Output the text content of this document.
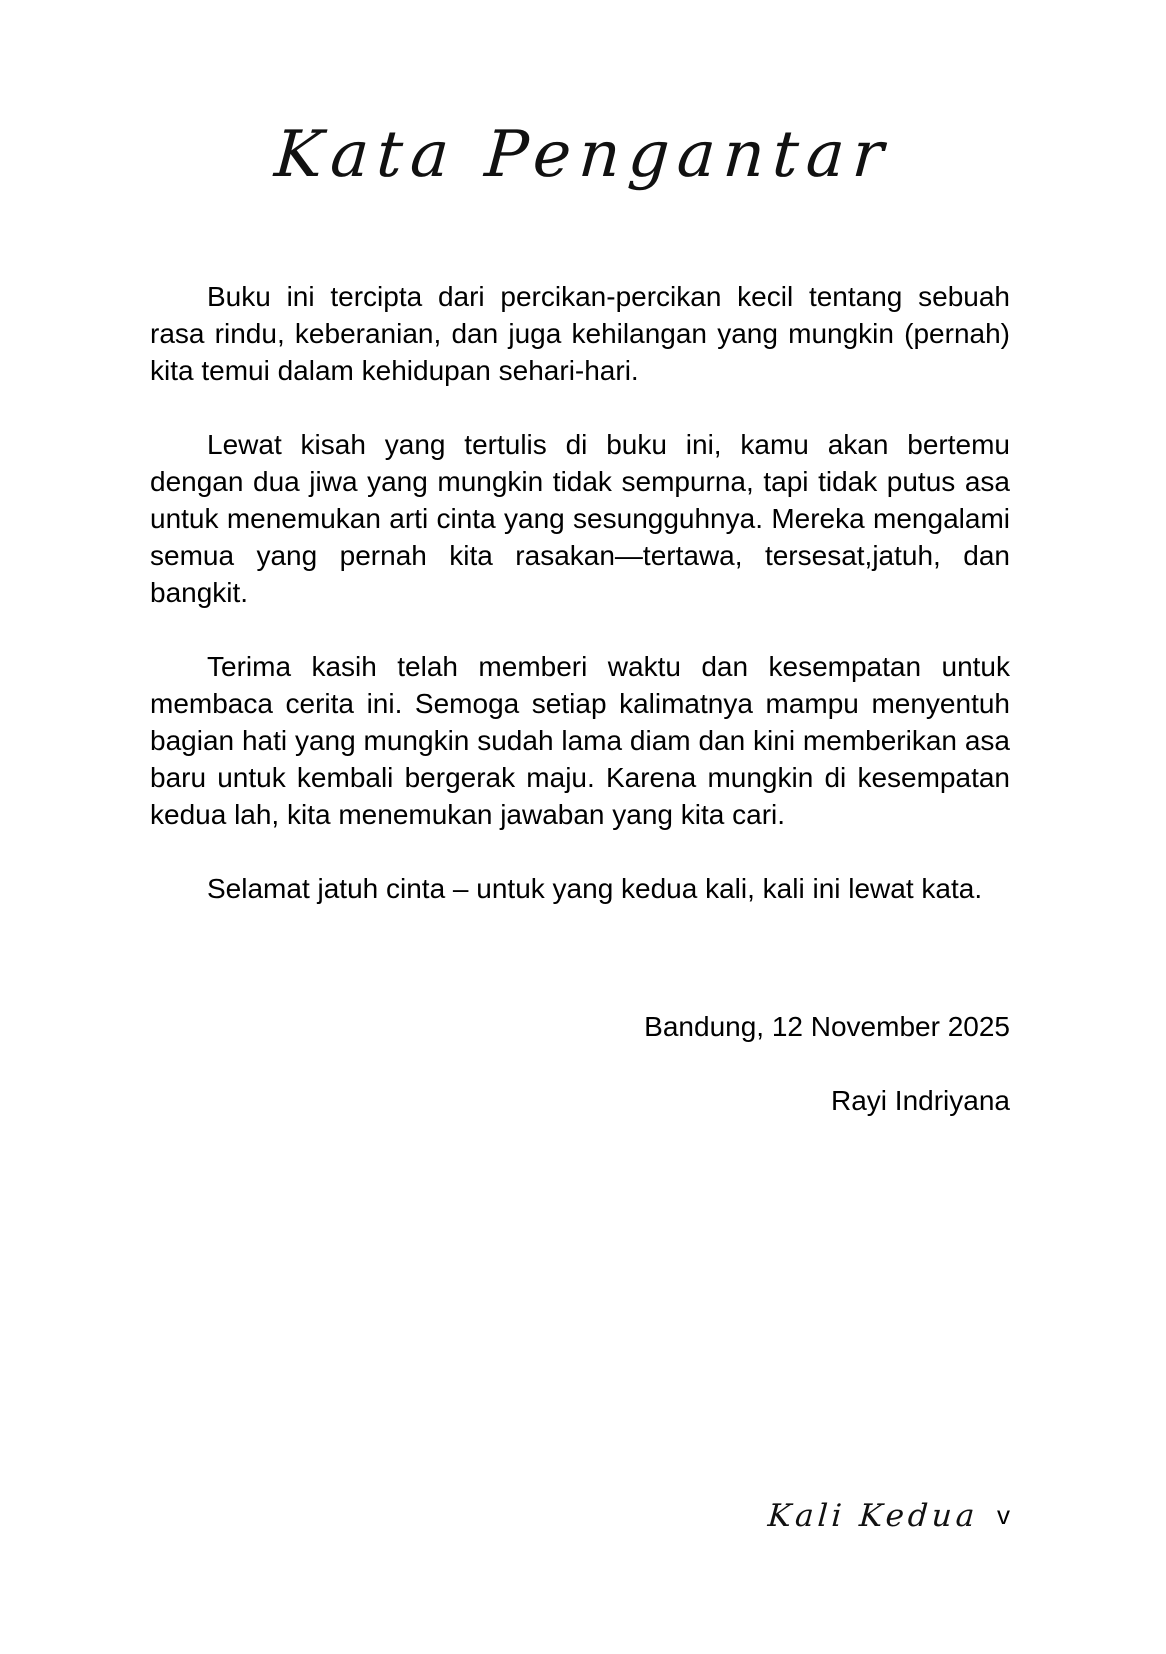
Kata Pengantar

Buku ini tercipta dari percikan-percikan kecil tentang sebuah rasa rindu, keberanian, dan juga kehilangan yang mungkin (pernah) kita temui dalam kehidupan sehari-hari.

Lewat kisah yang tertulis di buku ini, kamu akan bertemu dengan dua jiwa yang mungkin tidak sempurna, tapi tidak putus asa untuk menemukan arti cinta yang sesungguhnya. Mereka mengalami semua yang pernah kita rasakan—tertawa, tersesat,jatuh, dan bangkit.

Terima kasih telah memberi waktu dan kesempatan untuk membaca cerita ini. Semoga setiap kalimatnya mampu menyentuh bagian hati yang mungkin sudah lama diam dan kini memberikan asa baru untuk kembali bergerak maju. Karena mungkin di kesempatan kedua lah, kita menemukan jawaban yang kita cari.

Selamat jatuh cinta – untuk yang kedua kali, kali ini lewat kata.

Bandung, 12 November 2025
Rayi Indriyana
Kali Kedua v
